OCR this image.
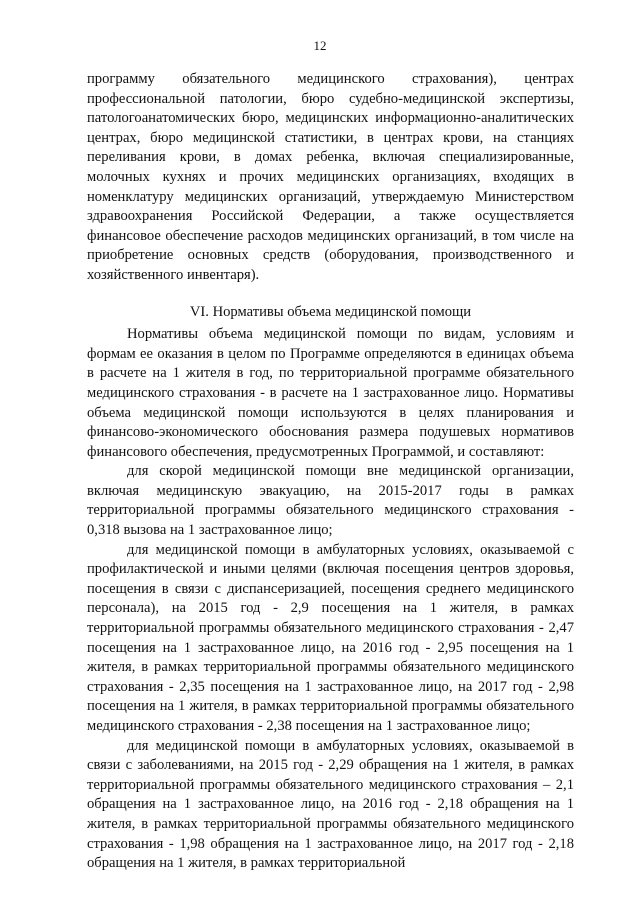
12

программу обязательного медицинского страхования), центрах профессиональной патологии, бюро судебно-медицинской экспертизы, патологоанатомических бюро, медицинских информационно-аналитических центрах, бюро медицинской статистики, в центрах крови, на станциях переливания крови, в домах ребенка, включая специализированные, молочных кухнях и прочих медицинских организациях, входящих в номенклатуру медицинских организаций, утверждаемую Министерством здравоохранения Российской Федерации, а также осуществляется финансовое обеспечение расходов медицинских организаций, в том числе на приобретение основных средств (оборудования, производственного и хозяйственного инвентаря).

VI. Нормативы объема медицинской помощи

Нормативы объема медицинской помощи по видам, условиям и формам ее оказания в целом по Программе определяются в единицах объема в расчете на 1 жителя в год, по территориальной программе обязательного медицинского страхования - в расчете на 1 застрахованное лицо. Нормативы объема медицинской помощи используются в целях планирования и финансово-экономического обоснования размера подушевых нормативов финансового обеспечения, предусмотренных Программой, и составляют:

для скорой медицинской помощи вне медицинской организации, включая медицинскую эвакуацию, на 2015-2017 годы в рамках территориальной программы обязательного медицинского страхования - 0,318 вызова на 1 застрахованное лицо;

для медицинской помощи в амбулаторных условиях, оказываемой с профилактической и иными целями (включая посещения центров здоровья, посещения в связи с диспансеризацией, посещения среднего медицинского персонала), на 2015 год - 2,9 посещения на 1 жителя, в рамках территориальной программы обязательного медицинского страхования - 2,47 посещения на 1 застрахованное лицо, на 2016 год - 2,95 посещения на 1 жителя, в рамках территориальной программы обязательного медицинского страхования - 2,35 посещения на 1 застрахованное лицо, на 2017 год - 2,98 посещения на 1 жителя, в рамках территориальной программы обязательного медицинского страхования - 2,38 посещения на 1 застрахованное лицо;

для медицинской помощи в амбулаторных условиях, оказываемой в связи с заболеваниями, на 2015 год - 2,29 обращения на 1 жителя, в рамках территориальной программы обязательного медицинского страхования – 2,1 обращения на 1 застрахованное лицо, на 2016 год - 2,18 обращения на 1 жителя, в рамках территориальной программы обязательного медицинского страхования - 1,98 обращения на 1 застрахованное лицо, на 2017 год - 2,18 обращения на 1 жителя, в рамках территориальной
